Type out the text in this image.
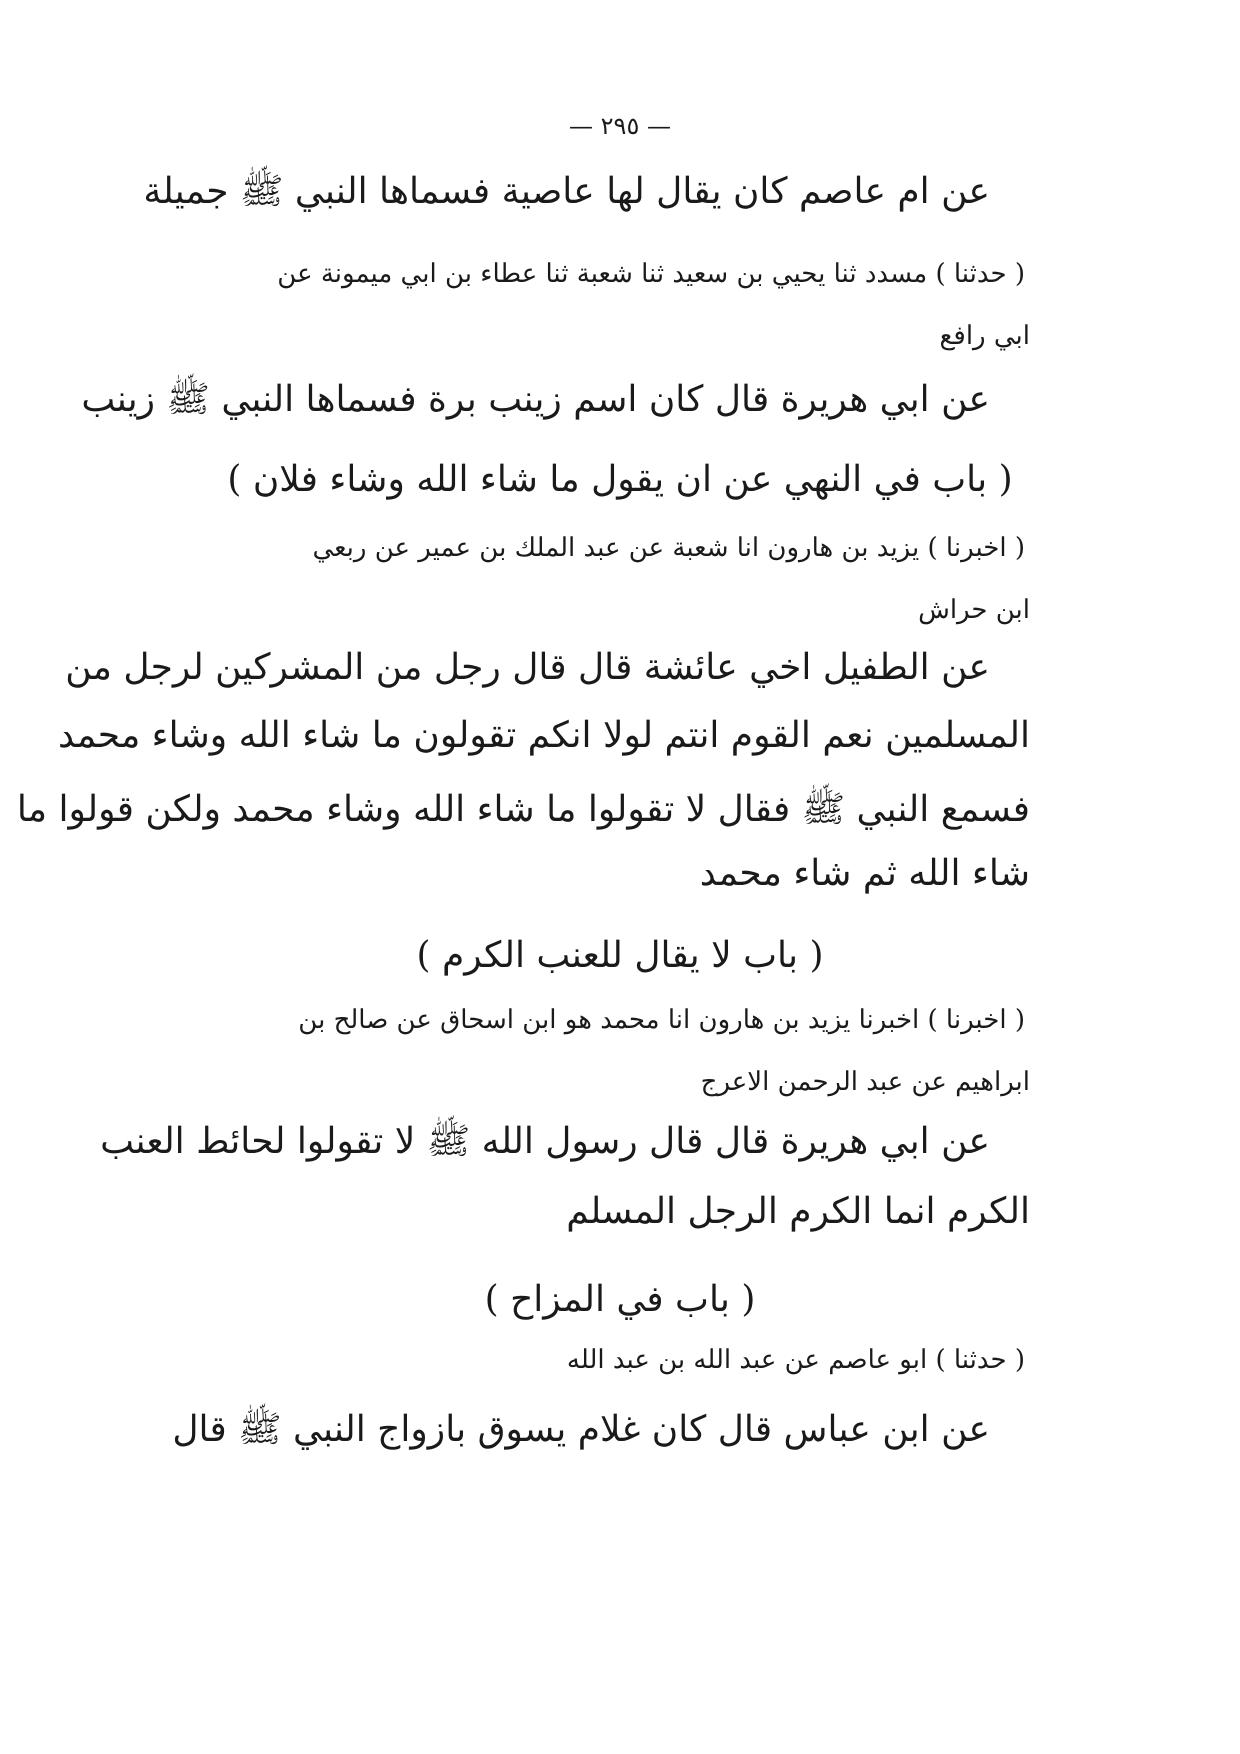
— ٢٩٥ —
عن ام عاصم كان يقال لها عاصية فسماها النبي ﷺ جميلة
( حدثنا ) مسدد ثنا يحيي بن سعيد ثنا شعبة ثنا عطاء بن ابي ميمونة عن
ابي رافع
عن ابي هريرة قال كان اسم زينب برة فسماها النبي ﷺ زينب
( باب في النهي عن ان يقول ما شاء الله وشاء فلان )
( اخبرنا ) يزيد بن هارون انا شعبة عن عبد الملك بن عمير عن ربعي
ابن حراش
عن الطفيل اخي عائشة قال قال رجل من المشركين لرجل من
المسلمين نعم القوم انتم لولا انكم تقولون ما شاء الله وشاء محمد
فسمع النبي ﷺ فقال لا تقولوا ما شاء الله وشاء محمد ولكن قولوا ما
شاء الله ثم شاء محمد
( باب لا يقال للعنب الكرم )
( اخبرنا ) اخبرنا يزيد بن هارون انا محمد هو ابن اسحاق عن صالح بن
ابراهيم عن عبد الرحمن الاعرج
عن ابي هريرة قال قال رسول الله ﷺ لا تقولوا لحائط العنب
الكرم انما الكرم الرجل المسلم
( باب في المزاح )
( حدثنا ) ابو عاصم عن عبد الله بن عبد الله
عن ابن عباس قال كان غلام يسوق بازواج النبي ﷺ قال
